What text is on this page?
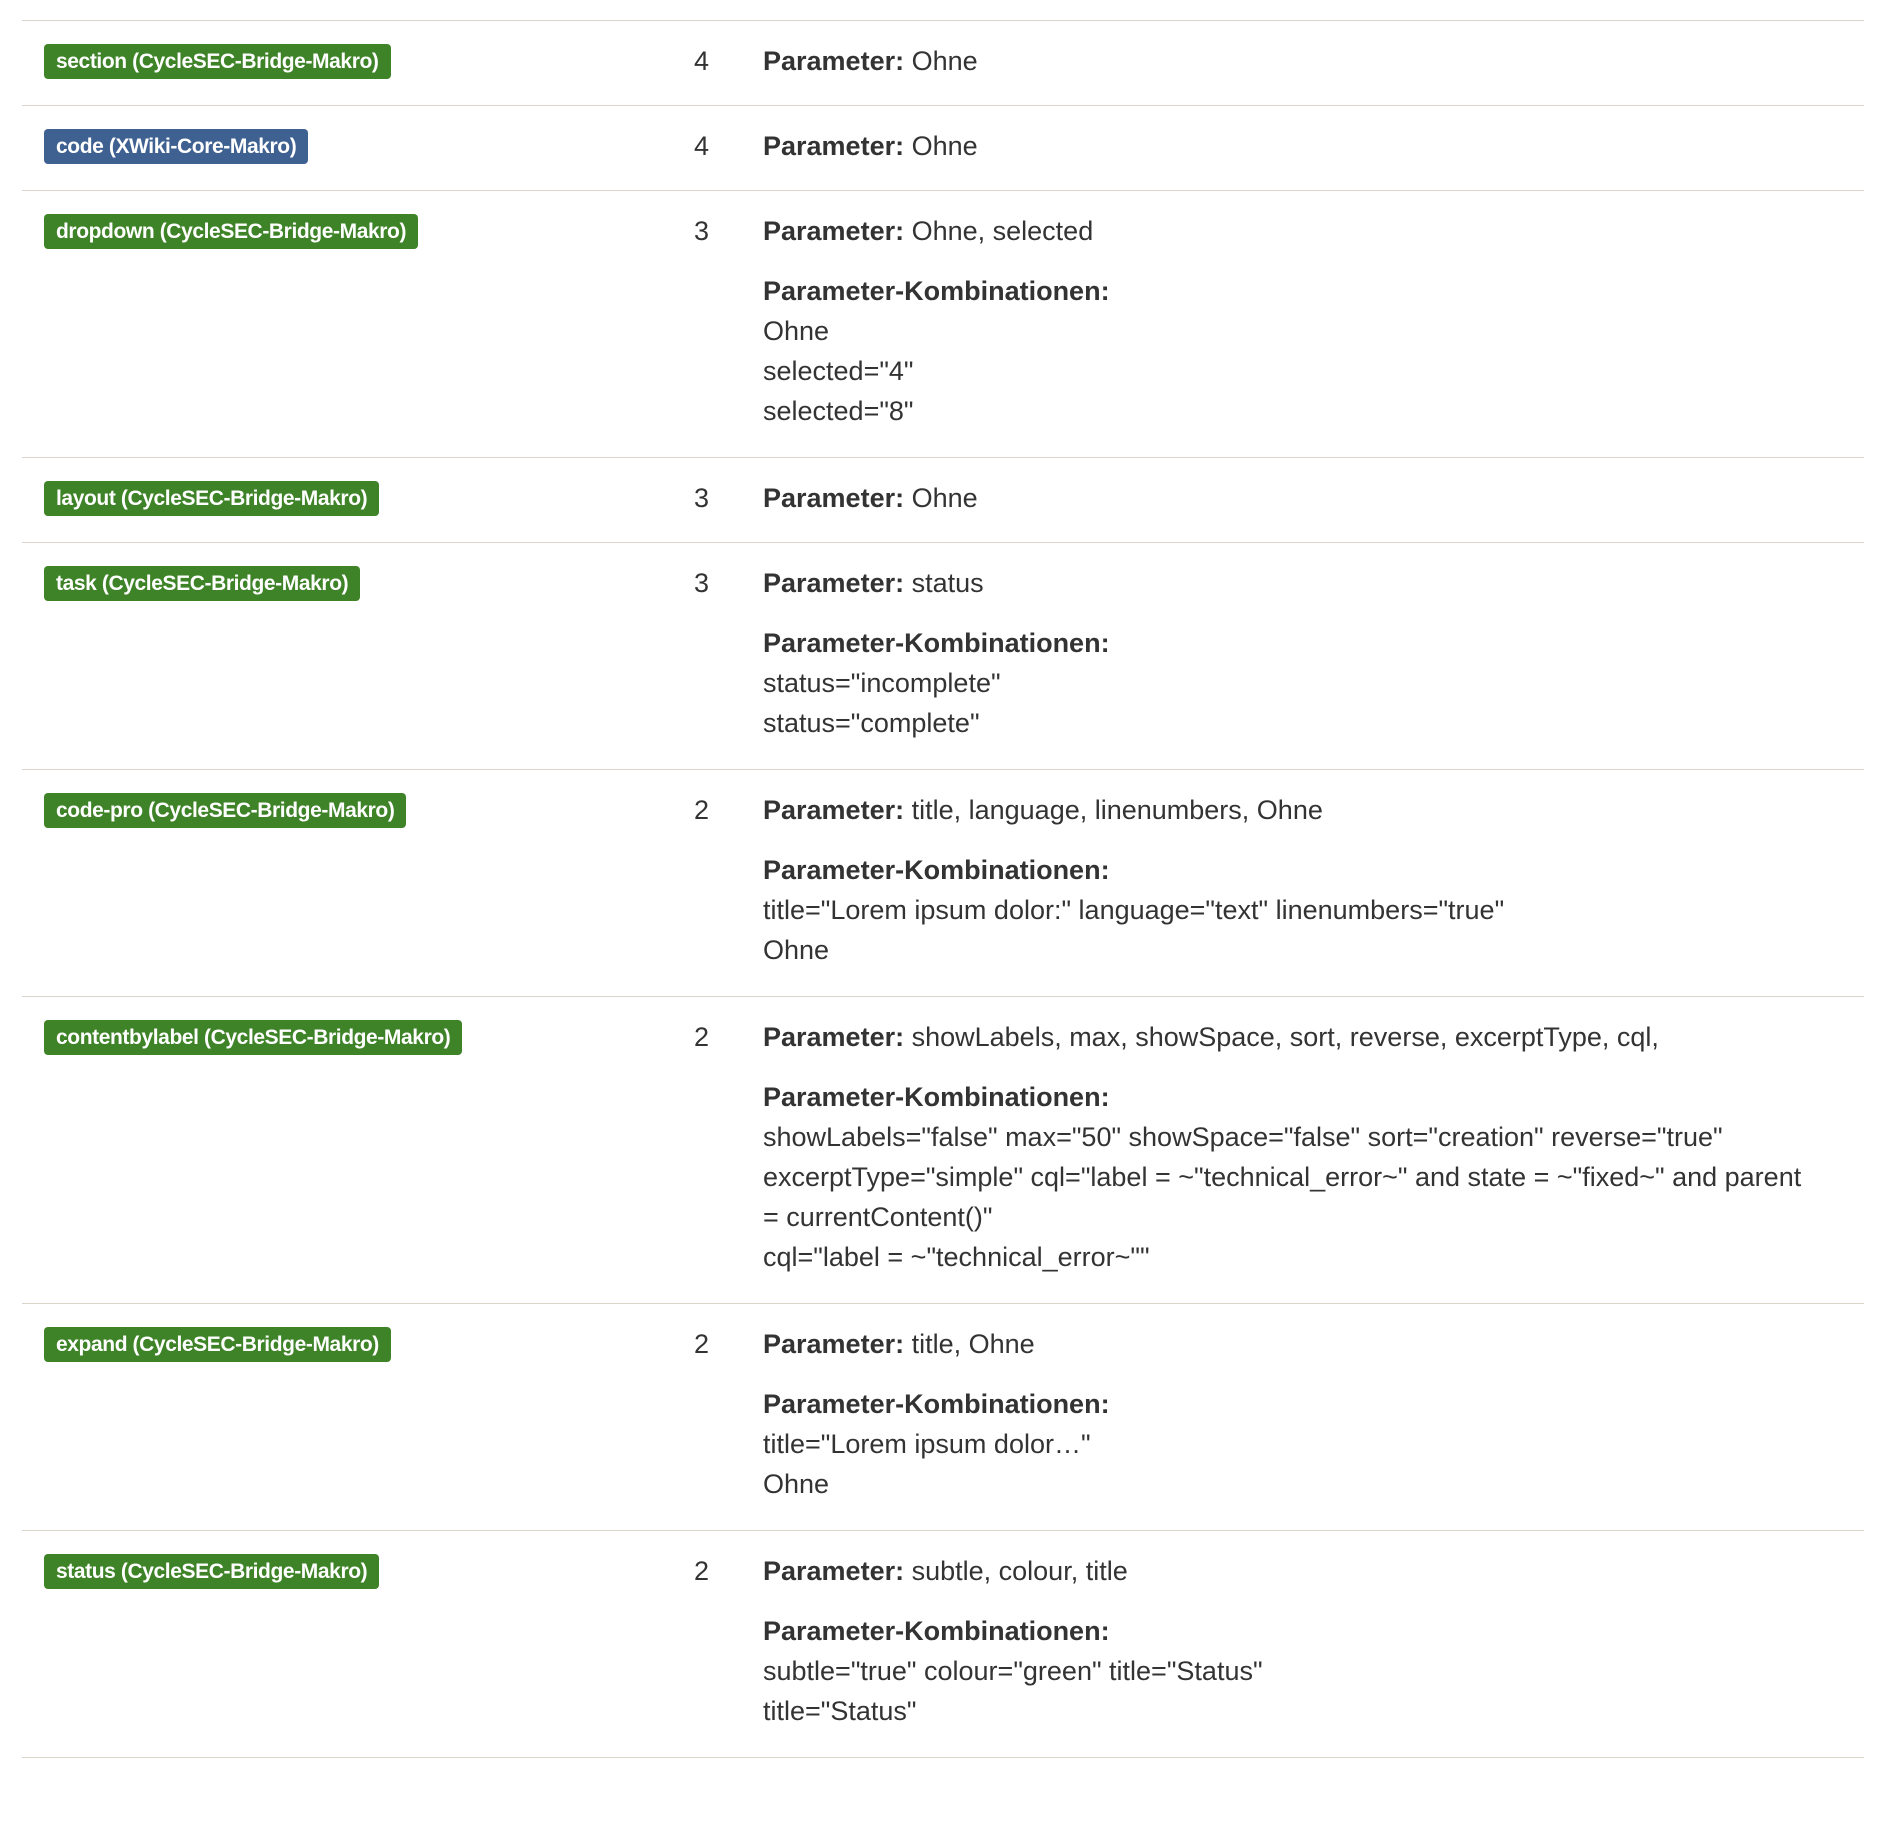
section (CycleSEC-Bridge-Makro)	4	Parameter: Ohne
code (XWiki-Core-Makro)	4	Parameter: Ohne
dropdown (CycleSEC-Bridge-Makro)	3	Parameter: Ohne, selected
Parameter-Kombinationen:
Ohne
selected="4"
selected="8"
layout (CycleSEC-Bridge-Makro)	3	Parameter: Ohne
task (CycleSEC-Bridge-Makro)	3	Parameter: status
Parameter-Kombinationen:
status="incomplete"
status="complete"
code-pro (CycleSEC-Bridge-Makro)	2	Parameter: title, language, linenumbers, Ohne
Parameter-Kombinationen:
title="Lorem ipsum dolor:" language="text" linenumbers="true"
Ohne
contentbylabel (CycleSEC-Bridge-Makro)	2	Parameter: showLabels, max, showSpace, sort, reverse, excerptType, cql,
Parameter-Kombinationen:
showLabels="false" max="50" showSpace="false" sort="creation" reverse="true" excerptType="simple" cql="label = ~"technical_error~" and state = ~"fixed~" and parent = currentContent()"
cql="label = ~"technical_error~""
expand (CycleSEC-Bridge-Makro)	2	Parameter: title, Ohne
Parameter-Kombinationen:
title="Lorem ipsum dolor…"
Ohne
status (CycleSEC-Bridge-Makro)	2	Parameter: subtle, colour, title
Parameter-Kombinationen:
subtle="true" colour="green" title="Status"
title="Status"
